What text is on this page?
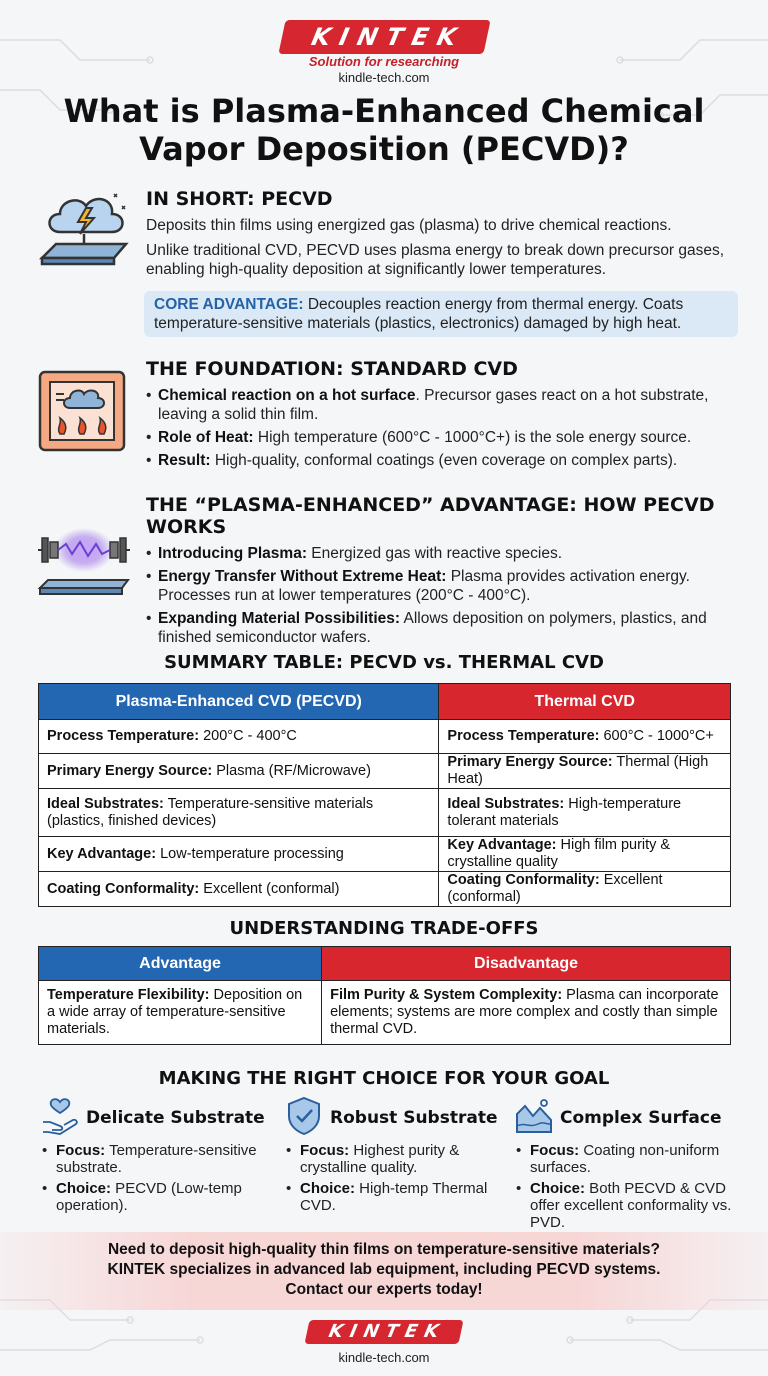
KINTEK
Solution for researching
kindle-tech.com
What is Plasma-Enhanced Chemical
Vapor Deposition (PECVD)?
IN SHORT: PECVD

Deposits thin films using energized gas (plasma) to drive chemical reactions.

Unlike traditional CVD, PECVD uses plasma energy to break down precursor gases, enabling high-quality deposition at significantly lower temperatures.

CORE ADVANTAGE: Decouples reaction energy from thermal energy. Coats temperature-sensitive materials (plastics, electronics) damaged by high heat.
THE FOUNDATION: STANDARD CVD
• Chemical reaction on a hot surface. Precursor gases react on a hot substrate, leaving a solid thin film.
• Role of Heat: High temperature (600°C - 1000°C+) is the sole energy source.
• Result: High-quality, conformal coatings (even coverage on complex parts).
THE “PLASMA-ENHANCED” ADVANTAGE: HOW PECVD WORKS
• Introducing Plasma: Energized gas with reactive species.
• Energy Transfer Without Extreme Heat: Plasma provides activation energy. Processes run at lower temperatures (200°C - 400°C).
• Expanding Material Possibilities: Allows deposition on polymers, plastics, and finished semiconductor wafers.
SUMMARY TABLE: PECVD vs. THERMAL CVD
Plasma-Enhanced CVD (PECVD)	Thermal CVD
Process Temperature: 200°C - 400°C	Process Temperature: 600°C - 1000°C+
Primary Energy Source: Plasma (RF/Microwave)	Primary Energy Source: Thermal (High Heat)
Ideal Substrates: Temperature-sensitive materials (plastics, finished devices)	Ideal Substrates: High-temperature tolerant materials
Key Advantage: Low-temperature processing	Key Advantage: High film purity & crystalline quality
Coating Conformality: Excellent (conformal)	Coating Conformality: Excellent (conformal)
UNDERSTANDING TRADE-OFFS
Advantage	Disadvantage
Temperature Flexibility: Deposition on a wide array of temperature-sensitive materials.	Film Purity & System Complexity: Plasma can incorporate elements; systems are more complex and costly than simple thermal CVD.
MAKING THE RIGHT CHOICE FOR YOUR GOAL
Delicate Substrate
• Focus: Temperature-sensitive substrate.
• Choice: PECVD (Low-temp operation).
Robust Substrate
• Focus: Highest purity & crystalline quality.
• Choice: High-temp Thermal CVD.
Complex Surface
• Focus: Coating non-uniform surfaces.
• Choice: Both PECVD & CVD offer excellent conformality vs. PVD.
Need to deposit high-quality thin films on temperature-sensitive materials?
KINTEK specializes in advanced lab equipment, including PECVD systems.
Contact our experts today!
KINTEK
kindle-tech.com
